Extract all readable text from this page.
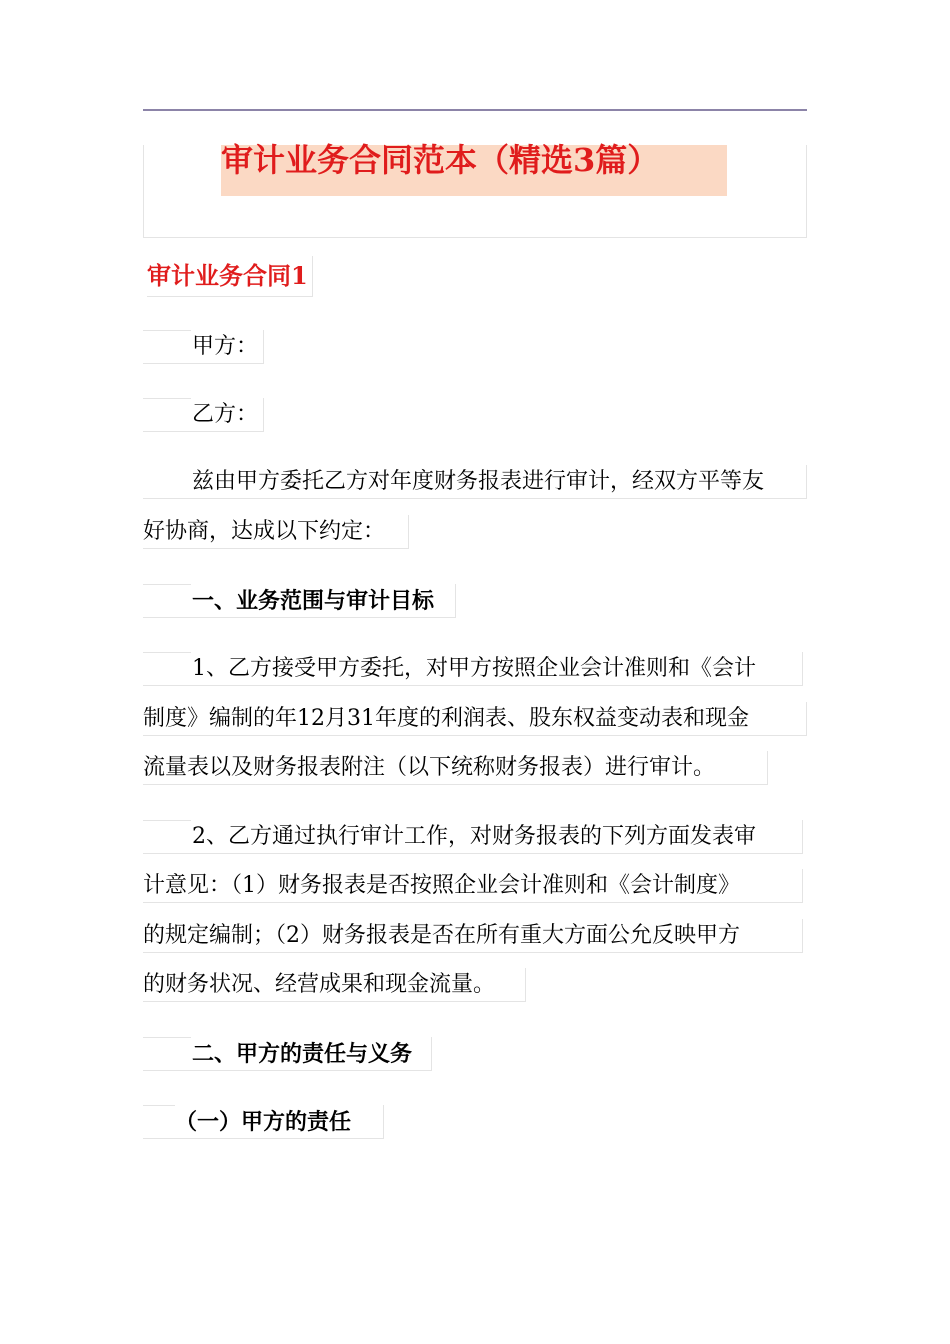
审计业务合同范本（精选3篇）
审计业务合同1
甲方：
乙方：
兹由甲方委托乙方对年度财务报表进行审计，经双方平等友
好协商，达成以下约定：
一、业务范围与审计目标
1、乙方接受甲方委托，对甲方按照企业会计准则和《会计
制度》编制的年12月31年度的利润表、股东权益变动表和现金
流量表以及财务报表附注（以下统称财务报表）进行审计。
2、乙方通过执行审计工作，对财务报表的下列方面发表审
计意见：（1）财务报表是否按照企业会计准则和《会计制度》
的规定编制；（2）财务报表是否在所有重大方面公允反映甲方
的财务状况、经营成果和现金流量。
二、甲方的责任与义务
（一）甲方的责任
